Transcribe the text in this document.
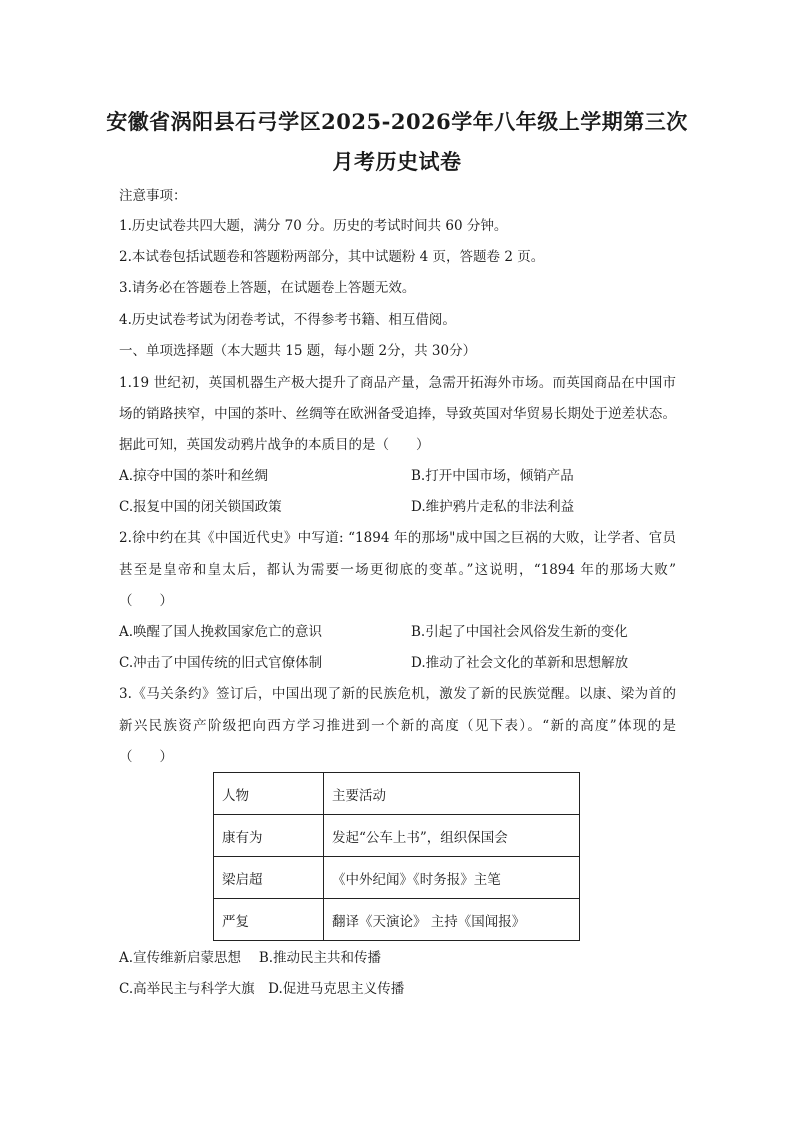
安徽省涡阳县石弓学区2025-2026学年八年级上学期第三次
月考历史试卷
注意事项：
1.历史试卷共四大题，满分 70 分。历史的考试时间共 60 分钟。
2.本试卷包括试题卷和答题粉两部分，其中试题粉 4 页，答题卷 2 页。
3.请务必在答题卷上答题，在试题卷上答题无效。
4.历史试卷考试为闭卷考试，不得参考书籍、相互借阅。
一、单项选择题（本大题共 15 题，每小题 2分，共 30分）
1.19 世纪初，英国机器生产极大提升了商品产量，急需开拓海外市场。而英国商品在中国市
场的销路挟窄，中国的茶叶、丝绸等在欧洲备受追捧，导致英国对华贸易长期处于逆差状态。
据此可知，英国发动鸦片战争的本质目的是（　　）
A.掠夺中国的茶叶和丝绸	B.打开中国市场，倾销产品
C.报复中国的闭关锁国政策	D.维护鸦片走私的非法利益
2.徐中约在其《中国近代史》中写道: “1894 年的那场"成中国之巨祸的大败，让学者、官员
甚至是皇帝和皇太后，都认为需要一场更彻底的变革。”这说明，“1894 年的那场大败”
（　　）
A.唤醒了国人挽救国家危亡的意识	B.引起了中国社会风俗发生新的变化
C.冲击了中国传统的旧式官僚体制	D.推动了社会文化的革新和思想解放
3.《马关条约》签订后，中国出现了新的民族危机，激发了新的民族觉醒。以康、梁为首的
新兴民族资产阶级把向西方学习推进到一个新的高度（见下表）。“新的高度”体现的是
（　　）
人物	主要活动
康有为	发起“公车上书”，组织保国会
梁启超	《中外纪闻》《时务报》主笔
严复	翻译《天演论》 主持《国闻报》
A.宣传维新启蒙思想　 B.推动民主共和传播
C.高举民主与科学大旗　D.促进马克思主义传播
